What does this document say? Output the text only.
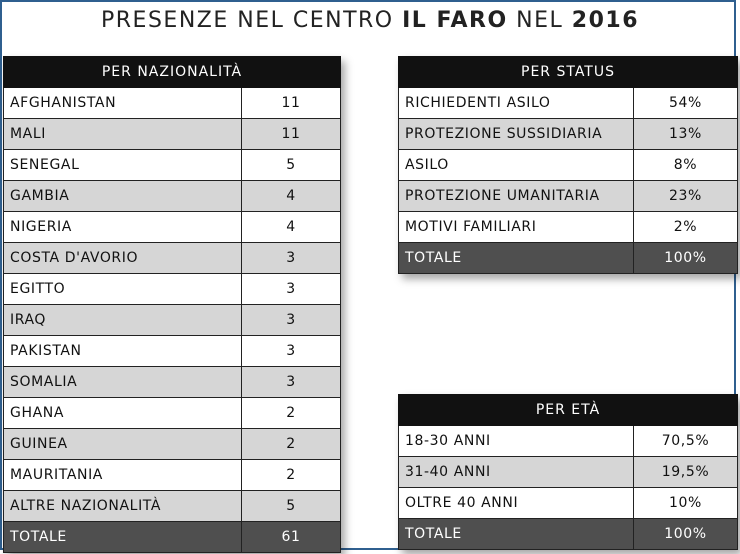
PRESENZE NEL CENTRO IL FARO NEL 2016
PER NAZIONALITÀ	
AFGHANISTAN	11
MALI	11
SENEGAL	5
GAMBIA	4
NIGERIA	4
COSTA D'AVORIO	3
EGITTO	3
IRAQ	3
PAKISTAN	3
SOMALIA	3
GHANA	2
GUINEA	2
MAURITANIA	2
ALTRE NAZIONALITÀ	5
TOTALE	61
PER STATUS	
RICHIEDENTI ASILO	54%
PROTEZIONE SUSSIDIARIA	13%
ASILO	8%
PROTEZIONE UMANITARIA	23%
MOTIVI FAMILIARI	2%
TOTALE	100%
PER ETÀ	
18-30 ANNI	70,5%
31-40 ANNI	19,5%
OLTRE 40 ANNI	10%
TOTALE	100%
